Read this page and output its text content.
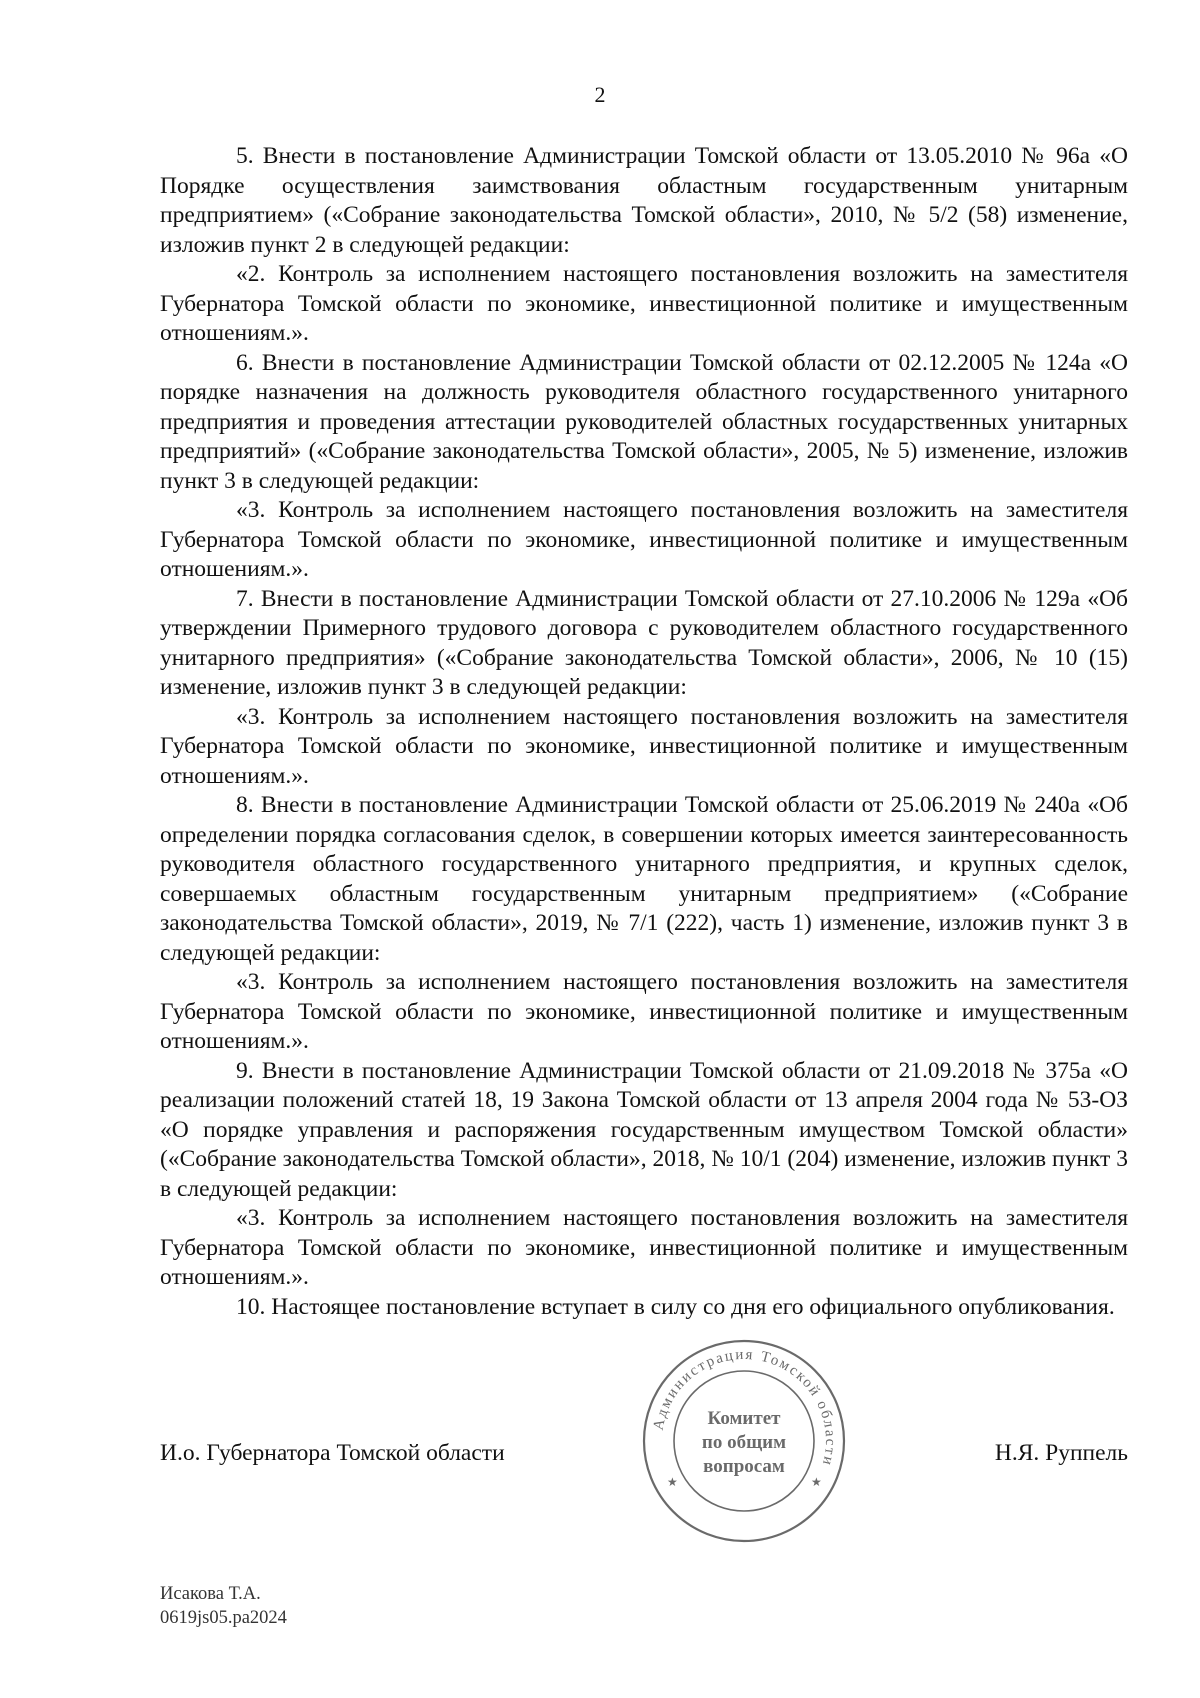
2

5. Внести в постановление Администрации Томской области от 13.05.2010 № 96а «О Порядке осуществления заимствования областным государственным унитарным предприятием» («Собрание законодательства Томской области», 2010, № 5/2 (58) изменение, изложив пункт 2 в следующей редакции:

«2. Контроль за исполнением настоящего постановления возложить на заместителя Губернатора Томской области по экономике, инвестиционной политике и имущественным отношениям.».

6. Внести в постановление Администрации Томской области от 02.12.2005 № 124а «О порядке назначения на должность руководителя областного государственного унитарного предприятия и проведения аттестации руководителей областных государственных унитарных предприятий» («Собрание законодательства Томской области», 2005, № 5) изменение, изложив пункт 3 в следующей редакции:

«3. Контроль за исполнением настоящего постановления возложить на заместителя Губернатора Томской области по экономике, инвестиционной политике и имущественным отношениям.».

7. Внести в постановление Администрации Томской области от 27.10.2006 № 129а «Об утверждении Примерного трудового договора с руководителем областного государственного унитарного предприятия» («Собрание законодательства Томской области», 2006, № 10 (15) изменение, изложив пункт 3 в следующей редакции:

«3. Контроль за исполнением настоящего постановления возложить на заместителя Губернатора Томской области по экономике, инвестиционной политике и имущественным отношениям.».

8. Внести в постановление Администрации Томской области от 25.06.2019 № 240а «Об определении порядка согласования сделок, в совершении которых имеется заинтересованность руководителя областного государственного унитарного предприятия, и крупных сделок, совершаемых областным государственным унитарным предприятием» («Собрание законодательства Томской области», 2019, № 7/1 (222), часть 1) изменение, изложив пункт 3 в следующей редакции:

«3. Контроль за исполнением настоящего постановления возложить на заместителя Губернатора Томской области по экономике, инвестиционной политике и имущественным отношениям.».

9. Внести в постановление Администрации Томской области от 21.09.2018 № 375а «О реализации положений статей 18, 19 Закона Томской области от 13 апреля 2004 года № 53-ОЗ «О порядке управления и распоряжения государственным имуществом Томской области» («Собрание законодательства Томской области», 2018, № 10/1 (204) изменение, изложив пункт 3 в следующей редакции:

«3. Контроль за исполнением настоящего постановления возложить на заместителя Губернатора Томской области по экономике, инвестиционной политике и имущественным отношениям.».

10. Настоящее постановление вступает в силу со дня его официального опубликования.

И.о. Губернатора Томской области	Н.Я. Руппель
Администрация Томской области
★	★
Комитет
по общим
вопросам
Исакова Т.А.
0619js05.pa2024
